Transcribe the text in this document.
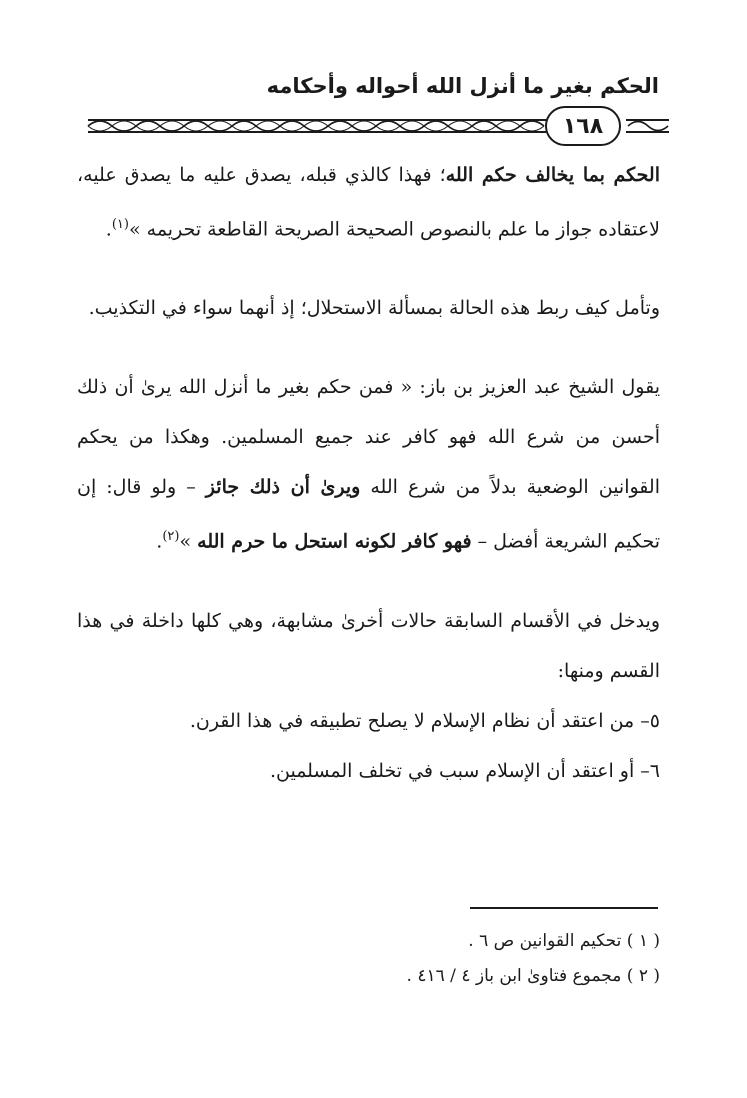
الحكم بغير ما أنزل الله أحواله وأحكامه
١٦٨

الحكم بما يخالف حكم الله؛ فهذا كالذي قبله، يصدق عليه ما يصدق عليه، لاعتقاده جواز ما علم بالنصوص الصحيحة الصريحة القاطعة تحريمه »$^{(١)}$.

وتأمل كيف ربط هذه الحالة بمسألة الاستحلال؛ إذ أنهما سواء في التكذيب.

يقول الشيخ عبد العزيز بن باز: « فمن حكم بغير ما أنزل الله يرىٰ أن ذلك أحسن من شرع الله فهو كافر عند جميع المسلمين. وهكذا من يحكم القوانين الوضعية بدلاً من شرع الله ويرىٰ أن ذلك جائز – ولو قال: إن تحكيم الشريعة أفضل – فهو كافر لكونه استحل ما حرم الله »$^{(٢)}$.

ويدخل في الأقسام السابقة حالات أخرىٰ مشابهة، وهي كلها داخلة في هذا القسم ومنها:

٥– من اعتقد أن نظام الإسلام لا يصلح تطبيقه في هذا القرن.

٦– أو اعتقد أن الإسلام سبب في تخلف المسلمين.

( ١ ) تحكيم القوانين ص ٦ .

( ٢ ) مجموع فتاوىٰ ابن باز ٤ / ٤١٦ .
